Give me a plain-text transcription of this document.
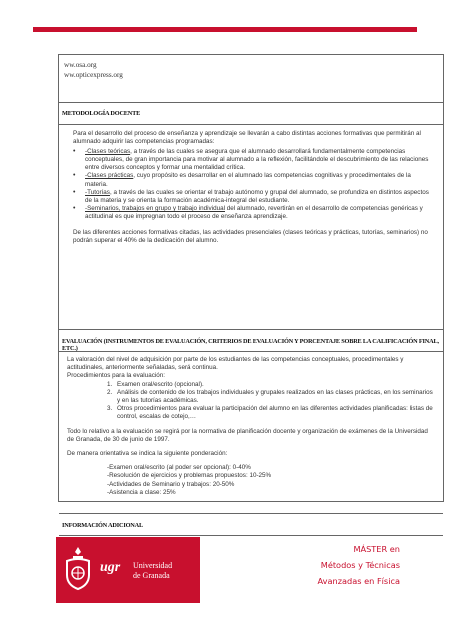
ww.osa.org
ww.opticexpress.org
METODOLOGÍA DOCENTE
Para el desarrollo del proceso de enseñanza y aprendizaje se llevarán a cabo distintas acciones formativas que permitirán al alumnado adquirir las competencias programadas:
• -Clases teóricas, a través de las cuales se asegura que el alumnado desarrollará fundamentalmente competencias conceptuales, de gran importancia para motivar al alumnado a la reflexión, facilitándole el descubrimiento de las relaciones entre diversos conceptos y formar una mentalidad crítica.
• -Clases prácticas, cuyo propósito es desarrollar en el alumnado las competencias cognitivas y procedimentales de la materia.
• -Tutorías, a través de las cuales se orientar el trabajo autónomo y grupal del alumnado, se profundiza en distintos aspectos de la materia y se orienta la formación académica-integral del estudiante.
• -Seminarios, trabajos en grupo y trabajo individual del alumnado, revertirán en el desarrollo de competencias genéricas y actitudinal es que impregnan todo el proceso de enseñanza aprendizaje.
De las diferentes acciones formativas citadas, las actividades presenciales (clases teóricas y prácticas, tutorías, seminarios) no podrán superar el 40% de la dedicación del alumno.
EVALUACIÓN (INSTRUMENTOS DE EVALUACIÓN, CRITERIOS DE EVALUACIÓN Y PORCENTAJE SOBRE LA CALIFICACIÓN FINAL, ETC.)
La valoración del nivel de adquisición por parte de los estudiantes de las competencias conceptuales, procedimentales y actitudinales, anteriormente señaladas, será continua.
Procedimientos para la evaluación:
1. Examen oral/escrito (opcional).
2. Análisis de contenido de los trabajos individuales y grupales realizados en las clases prácticas, en los seminarios y en las tutorías académicas.
3. Otros procedimientos para evaluar la participación del alumno en las diferentes actividades planificadas: listas de control, escalas de cotejo,…
Todo lo relativo a la evaluación se regirá por la normativa de planificación docente y organización de exámenes de la Universidad de Granada, de 30 de junio de 1997.
De manera orientativa se indica la siguiente ponderación:
-Examen oral/escrito (al poder ser opcional): 0-40%
-Resolución de ejercicios y problemas propuestos: 10-25%
-Actividades de Seminario y trabajos: 20-50%
-Asistencia a clase: 25%
INFORMACIÓN ADICIONAL
ugr Universidad
de Granada
MÁSTER en
Métodos y Técnicas
Avanzadas en Física
